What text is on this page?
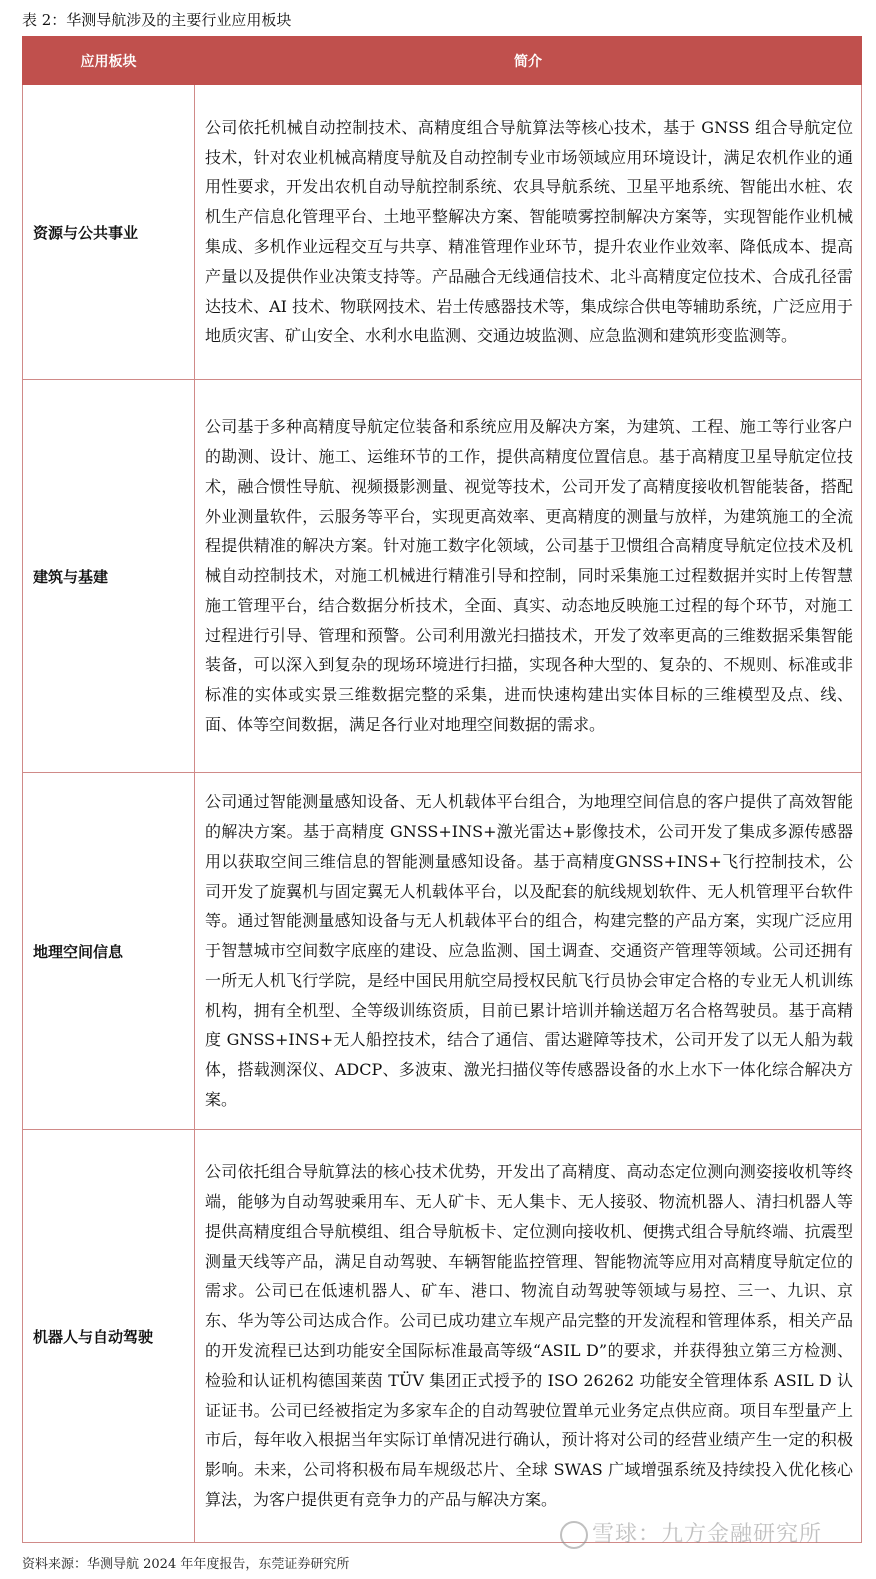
表 2：华测导航涉及的主要行业应用板块
应用板块	简介
资源与公共事业	公司依托机械自动控制技术、高精度组合导航算法等核心技术，基于 GNSS 组合导航定位技术，针对农业机械高精度导航及自动控制专业市场领域应用环境设计，满足农机作业的通用性要求，开发出农机自动导航控制系统、农具导航系统、卫星平地系统、智能出水桩、农机生产信息化管理平台、土地平整解决方案、智能喷雾控制解决方案等，实现智能作业机械集成、多机作业远程交互与共享、精准管理作业环节，提升农业作业效率、降低成本、提高产量以及提供作业决策支持等。产品融合无线通信技术、北斗高精度定位技术、合成孔径雷达技术、AI 技术、物联网技术、岩土传感器技术等，集成综合供电等辅助系统，广泛应用于地质灾害、矿山安全、水利水电监测、交通边坡监测、应急监测和建筑形变监测等。
建筑与基建	公司基于多种高精度导航定位装备和系统应用及解决方案，为建筑、工程、施工等行业客户的勘测、设计、施工、运维环节的工作，提供高精度位置信息。基于高精度卫星导航定位技术，融合惯性导航、视频摄影测量、视觉等技术，公司开发了高精度接收机智能装备，搭配外业测量软件，云服务等平台，实现更高效率、更高精度的测量与放样，为建筑施工的全流程提供精准的解决方案。针对施工数字化领域，公司基于卫惯组合高精度导航定位技术及机械自动控制技术，对施工机械进行精准引导和控制，同时采集施工过程数据并实时上传智慧施工管理平台，结合数据分析技术，全面、真实、动态地反映施工过程的每个环节，对施工过程进行引导、管理和预警。公司利用激光扫描技术，开发了效率更高的三维数据采集智能装备，可以深入到复杂的现场环境进行扫描，实现各种大型的、复杂的、不规则、标准或非标准的实体或实景三维数据完整的采集，进而快速构建出实体目标的三维模型及点、线、面、体等空间数据，满足各行业对地理空间数据的需求。
地理空间信息	公司通过智能测量感知设备、无人机载体平台组合，为地理空间信息的客户提供了高效智能的解决方案。基于高精度 GNSS+INS+激光雷达+影像技术，公司开发了集成多源传感器用以获取空间三维信息的智能测量感知设备。基于高精度GNSS+INS+飞行控制技术，公司开发了旋翼机与固定翼无人机载体平台，以及配套的航线规划软件、无人机管理平台软件等。通过智能测量感知设备与无人机载体平台的组合，构建完整的产品方案，实现广泛应用于智慧城市空间数字底座的建设、应急监测、国土调查、交通资产管理等领域。公司还拥有一所无人机飞行学院，是经中国民用航空局授权民航飞行员协会审定合格的专业无人机训练机构，拥有全机型、全等级训练资质，目前已累计培训并输送超万名合格驾驶员。基于高精度 GNSS+INS+无人船控技术，结合了通信、雷达避障等技术，公司开发了以无人船为载体，搭载测深仪、ADCP、多波束、激光扫描仪等传感器设备的水上水下一体化综合解决方案。
机器人与自动驾驶	公司依托组合导航算法的核心技术优势，开发出了高精度、高动态定位测向测姿接收机等终端，能够为自动驾驶乘用车、无人矿卡、无人集卡、无人接驳、物流机器人、清扫机器人等提供高精度组合导航模组、组合导航板卡、定位测向接收机、便携式组合导航终端、抗震型测量天线等产品，满足自动驾驶、车辆智能监控管理、智能物流等应用对高精度导航定位的需求。公司已在低速机器人、矿车、港口、物流自动驾驶等领域与易控、三一、九识、京东、华为等公司达成合作。公司已成功建立车规产品完整的开发流程和管理体系，相关产品的开发流程已达到功能安全国际标准最高等级“ASIL D”的要求，并获得独立第三方检测、检验和认证机构德国莱茵 TÜV 集团正式授予的 ISO 26262 功能安全管理体系 ASIL D 认证证书。公司已经被指定为多家车企的自动驾驶位置单元业务定点供应商。项目车型量产上市后，每年收入根据当年实际订单情况进行确认，预计将对公司的经营业绩产生一定的积极影响。未来，公司将积极布局车规级芯片、全球 SWAS 广域增强系统及持续投入优化核心算法，为客户提供更有竞争力的产品与解决方案。
雪球：九方金融研究所
资料来源：华测导航 2024 年年度报告，东莞证券研究所
